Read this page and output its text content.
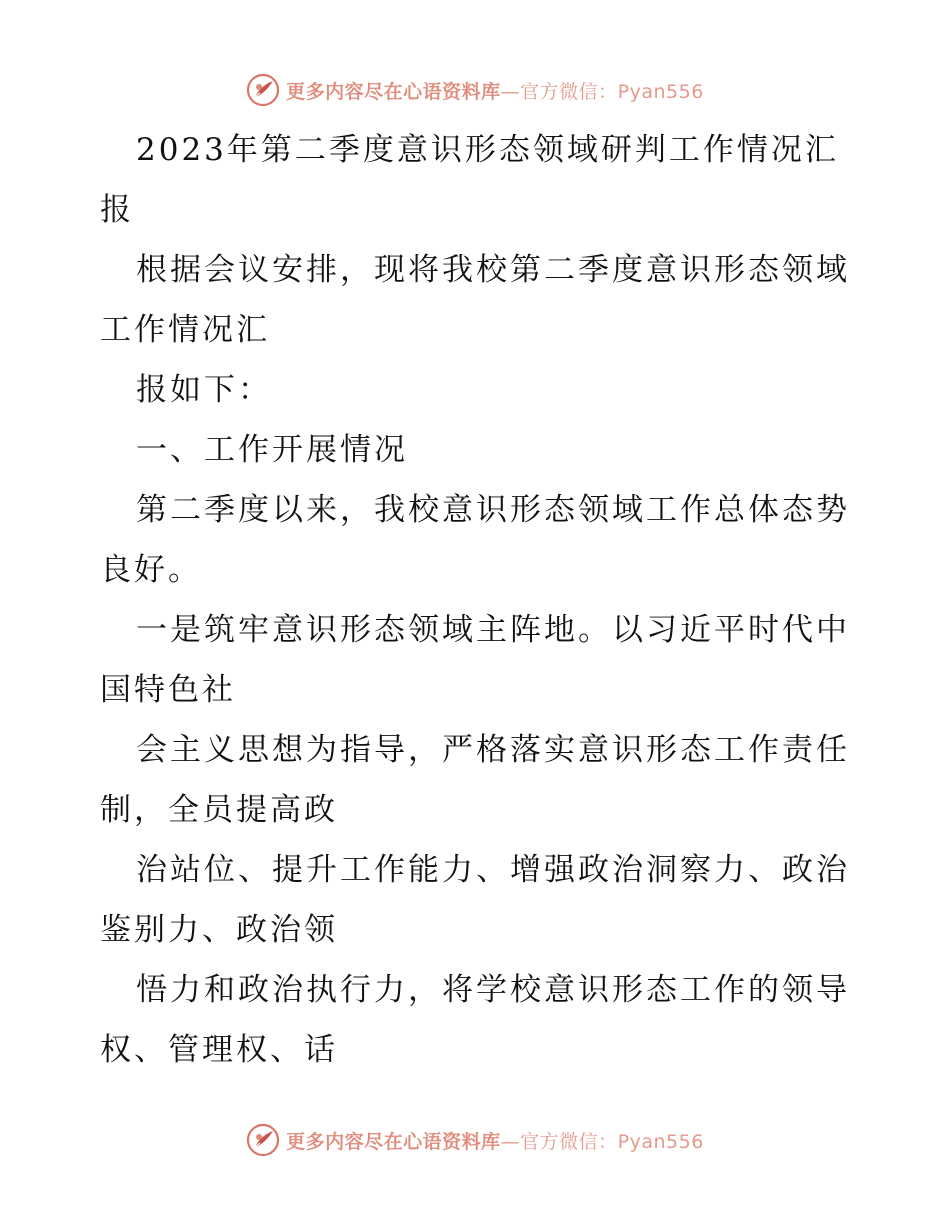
更多内容尽在心语资料库—官方微信：Pyan556

2023年第二季度意识形态领域研判工作情况汇
报

根据会议安排，现将我校第二季度意识形态领域
工作情况汇

报如下：

一、工作开展情况

第二季度以来，我校意识形态领域工作总体态势
良好。

一是筑牢意识形态领域主阵地。以习近平时代中
国特色社

会主义思想为指导，严格落实意识形态工作责任
制，全员提高政

治站位、提升工作能力、增强政治洞察力、政治
鉴别力、政治领

悟力和政治执行力，将学校意识形态工作的领导
权、管理权、话

更多内容尽在心语资料库—官方微信：Pyan556
